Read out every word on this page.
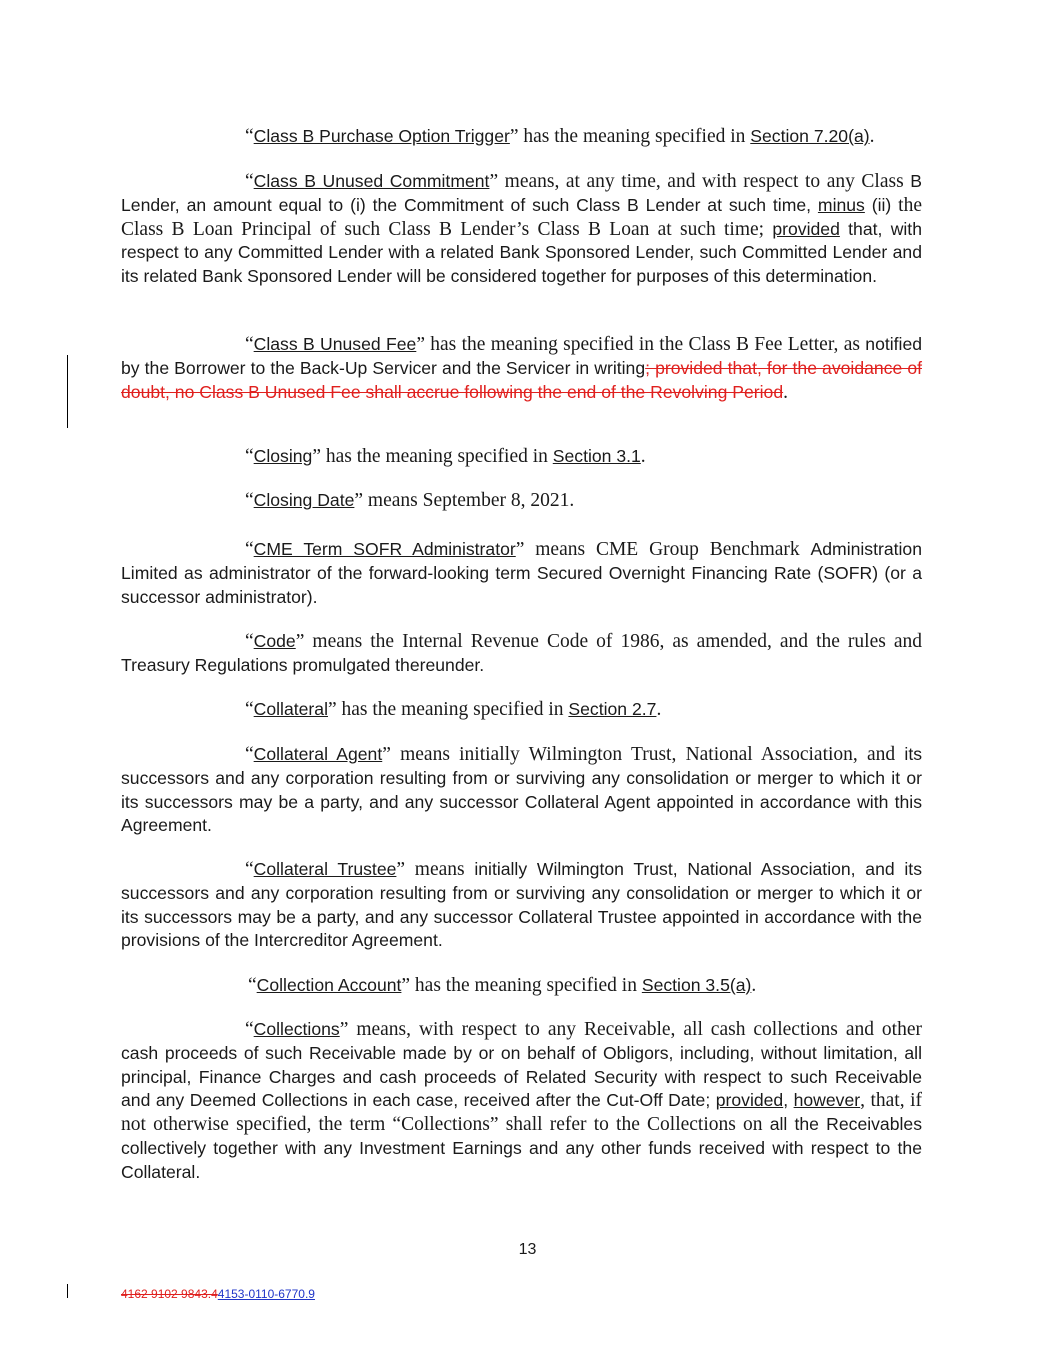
“Class B Purchase Option Trigger” has the meaning specified in Section 7.20(a).

“Class B Unused Commitment” means, at any time, and with respect to any Class B Lender, an amount equal to (i) the Commitment of such Class B Lender at such time, minus (ii) the Class B Loan Principal of such Class B Lender’s Class B Loan at such time; provided that, with respect to any Committed Lender with a related Bank Sponsored Lender, such Committed Lender and its related Bank Sponsored Lender will be considered together for purposes of this determination.

“Class B Unused Fee” has the meaning specified in the Class B Fee Letter, as notified by the Borrower to the Back-Up Servicer and the Servicer in writing; provided that, for the avoidance of doubt, no Class B Unused Fee shall accrue following the end of the Revolving Period.

“Closing” has the meaning specified in Section 3.1.

“Closing Date” means September 8, 2021.

“CME Term SOFR Administrator” means CME Group Benchmark Administration Limited as administrator of the forward-looking term Secured Overnight Financing Rate (SOFR) (or a successor administrator).

“Code” means the Internal Revenue Code of 1986, as amended, and the rules and Treasury Regulations promulgated thereunder.

“Collateral” has the meaning specified in Section 2.7.

“Collateral Agent” means initially Wilmington Trust, National Association, and its successors and any corporation resulting from or surviving any consolidation or merger to which it or its successors may be a party, and any successor Collateral Agent appointed in accordance with this Agreement.

“Collateral Trustee” means initially Wilmington Trust, National Association, and its successors and any corporation resulting from or surviving any consolidation or merger to which it or its successors may be a party, and any successor Collateral Trustee appointed in accordance with the provisions of the Intercreditor Agreement.

“Collection Account” has the meaning specified in Section 3.5(a).

“Collections” means, with respect to any Receivable, all cash collections and other cash proceeds of such Receivable made by or on behalf of Obligors, including, without limitation, all principal, Finance Charges and cash proceeds of Related Security with respect to such Receivable and any Deemed Collections in each case, received after the Cut-Off Date; provided, however, that, if not otherwise specified, the term “Collections” shall refer to the Collections on all the Receivables collectively together with any Investment Earnings and any other funds received with respect to the Collateral.

13
4162 9102 9843.44153-0110-6770.9
